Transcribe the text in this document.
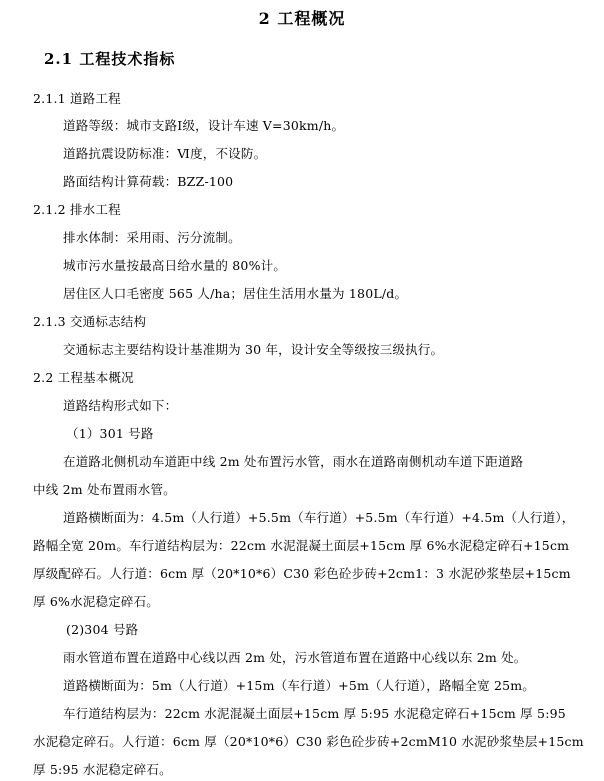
2 工程概况
2.1 工程技术指标
2.1.1 道路工程
道路等级：城市支路Ⅰ级，设计车速 V=30km/h。
道路抗震设防标准：Ⅵ度，不设防。
路面结构计算荷载：BZZ-100
2.1.2 排水工程
排水体制：采用雨、污分流制。
城市污水量按最高日给水量的 80%计。
居住区人口毛密度 565 人/ha；居住生活用水量为 180L/d。
2.1.3 交通标志结构
交通标志主要结构设计基准期为 30 年，设计安全等级按三级执行。
2.2 工程基本概况
道路结构形式如下：
（1）301 号路
在道路北侧机动车道距中线 2m 处布置污水管，雨水在道路南侧机动车道下距道路
中线 2m 处布置雨水管。
道路横断面为：4.5m（人行道）+5.5m（车行道）+5.5m（车行道）+4.5m（人行道），
路幅全宽 20m。车行道结构层为：22cm 水泥混凝土面层+15cm 厚 6%水泥稳定碎石+15cm
厚级配碎石。人行道：6cm 厚（20*10*6）C30 彩色砼步砖+2cm1：3 水泥砂浆垫层+15cm
厚 6%水泥稳定碎石。
(2)304 号路
雨水管道布置在道路中心线以西 2m 处，污水管道布置在道路中心线以东 2m 处。
道路横断面为：5m（人行道）+15m（车行道）+5m（人行道），路幅全宽 25m。
车行道结构层为：22cm 水泥混凝土面层+15cm 厚 5:95 水泥稳定碎石+15cm 厚 5:95
水泥稳定碎石。人行道：6cm 厚（20*10*6）C30 彩色砼步砖+2cmM10 水泥砂浆垫层+15cm
厚 5:95 水泥稳定碎石。
